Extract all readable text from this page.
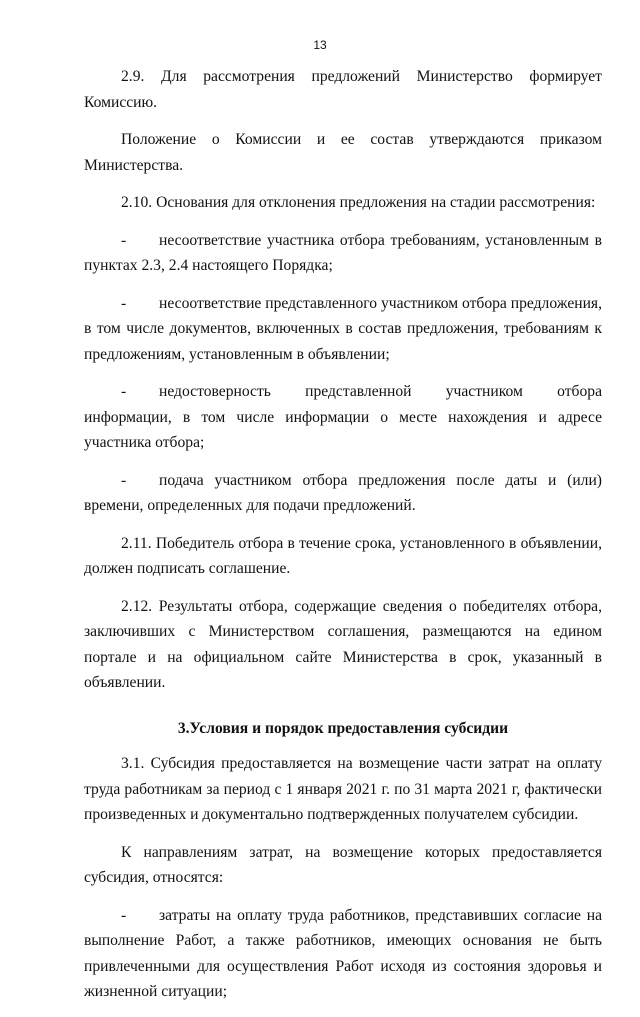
13

2.9. Для рассмотрения предложений Министерство формирует Комиссию.

Положение о Комиссии и ее состав утверждаются приказом Министерства.

2.10. Основания для отклонения предложения на стадии рассмотрения:

- несоответствие участника отбора требованиям, установленным в пунктах 2.3, 2.4 настоящего Порядка;

- несоответствие представленного участником отбора предложения, в том числе документов, включенных в состав предложения, требованиям к предложениям, установленным в объявлении;

- недостоверность представленной участником отбора информации, в том числе информации о месте нахождения и адресе участника отбора;

- подача участником отбора предложения после даты и (или) времени, определенных для подачи предложений.

2.11. Победитель отбора в течение срока, установленного в объявлении, должен подписать соглашение.

2.12. Результаты отбора, содержащие сведения о победителях отбора, заключивших с Министерством соглашения, размещаются на едином портале и на официальном сайте Министерства в срок, указанный в объявлении.

3.Условия и порядок предоставления субсидии

3.1. Субсидия предоставляется на возмещение части затрат на оплату труда работникам за период с 1 января 2021 г. по 31 марта 2021 г, фактически произведенных и документально подтвержденных получателем субсидии.

К направлениям затрат, на возмещение которых предоставляется субсидия, относятся:

- затраты на оплату труда работников, представивших согласие на выполнение Работ, а также работников, имеющих основания не быть привлеченными для осуществления Работ исходя из состояния здоровья и жизненной ситуации;
